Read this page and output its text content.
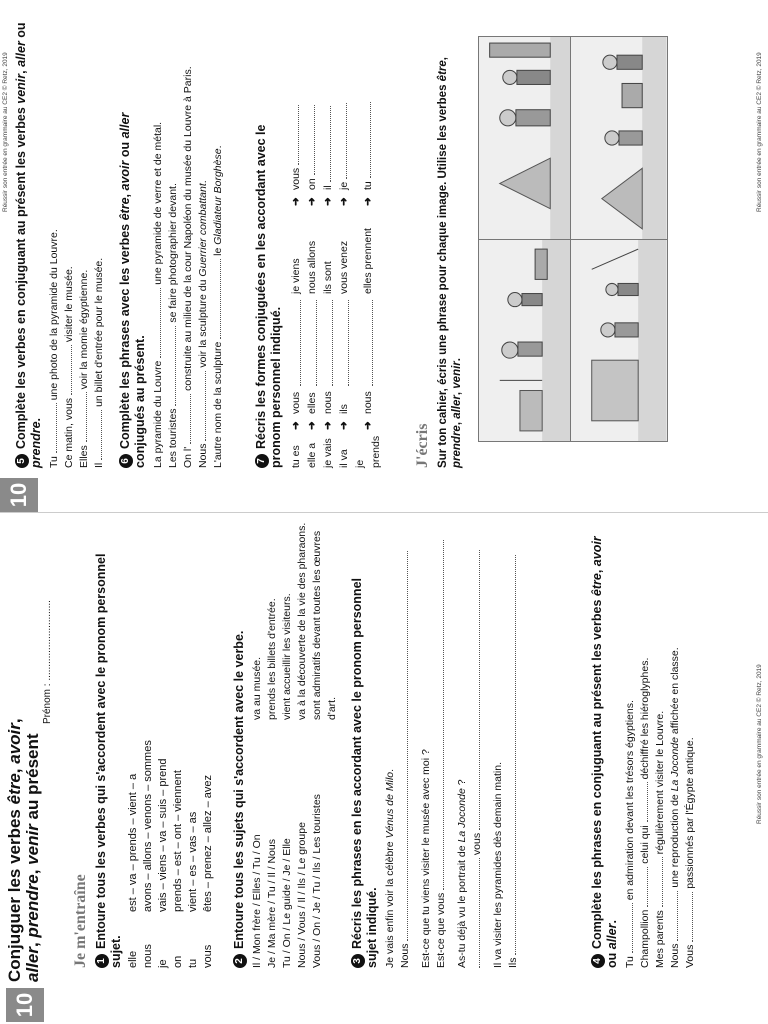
10
Conjuguer les verbes être, avoir,
aller, prendre, venir au présent
Prénom : .............................
Je m'entraîne 1Entoure tous les verbes qui s'accordent avec le pronom personnel sujet. elle
est – va – prends – vient – a
nous
avons – allons – venons – sommes
je
vais – viens – va – suis – prend
on
prends – est – ont – viennent
tu
vient – es – vas – as
vous
êtes – prenez – allez – avez
2Entoure tous les sujets qui s'accordent avec le verbe. Il / Mon frère / Elles / Tu / On
va au musée.
Je / Ma mère / Tu / Il / Nous
prends les billets d'entrée.
Tu / On / Le guide / Je / Elle
vient accueillir les visiteurs.
Nous / Vous / Il / Ils / Le groupe
va à la découverte de la vie des pharaons.
Vous / On / Je / Tu / Ils / Les touristes
sont admiratifs devant toutes les œuvres d'art.
3Récris les phrases en les accordant avec le pronom personnel sujet indiqué. Je vais enfin voir la célèbre Vénus de Milo.
Nous Est-ce que tu viens visiter le musée avec moi ? Est-ce que vous As-tu déjà vu le portrait de La Joconde ?
vous Il va visiter les pyramides dès demain matin. Ils	4Complète les phrases en conjuguant au présent les verbes être, avoir ou aller.
Tu  en admiration devant les trésors égyptiens.
Champollion  celui qui  déchiffré les hiéroglyphes.
Mes parents  régulièrement visiter le Louvre.
Nous  une reproduction de La Joconde affichée en classe.
Vous  passionnés par l'Égypte antique.	Réussir son entrée en grammaire au CE2 © Retz, 2019
10
Réussir son entrée en grammaire au CE2 © Retz, 2019
5Complète les verbes en conjuguant au présent les verbes venir, aller ou prendre.
Tu  une photo de la pyramide du Louvre.
Ce matin, vous  visiter le musée.
Elles  voir la momie égyptienne.
Il  un billet d'entrée pour le musée.
6Complète les phrases avec les verbes être, avoir ou aller conjugués au présent. La pyramide du Louvre  une pyramide de verre et de métal.
Les touristes  se faire photographier devant.
On l'  construite au milieu de la cour Napoléon du musée du Louvre à Paris.
Nous  voir la sculpture du Guerrier combattant.
L'autre nom de la sculpture  le Gladiateur Borghèse.
7Récris les formes conjuguées en les accordant avec le pronom personnel indiqué. tu es
➜
vous
je viens
➜
vous
elle a
➜
elles
nous allons
➜
on
je vais
➜
nous
ils sont
➜
il
il va
➜
ils
vous venez
➜
je
je prends
➜
nous
elles prennent
➜
tu
J'écris Sur ton cahier, écris une phrase pour chaque image. Utilise les verbes être, prendre, aller, venir.
Réussir son entrée en grammaire au CE2 © Retz, 2019
